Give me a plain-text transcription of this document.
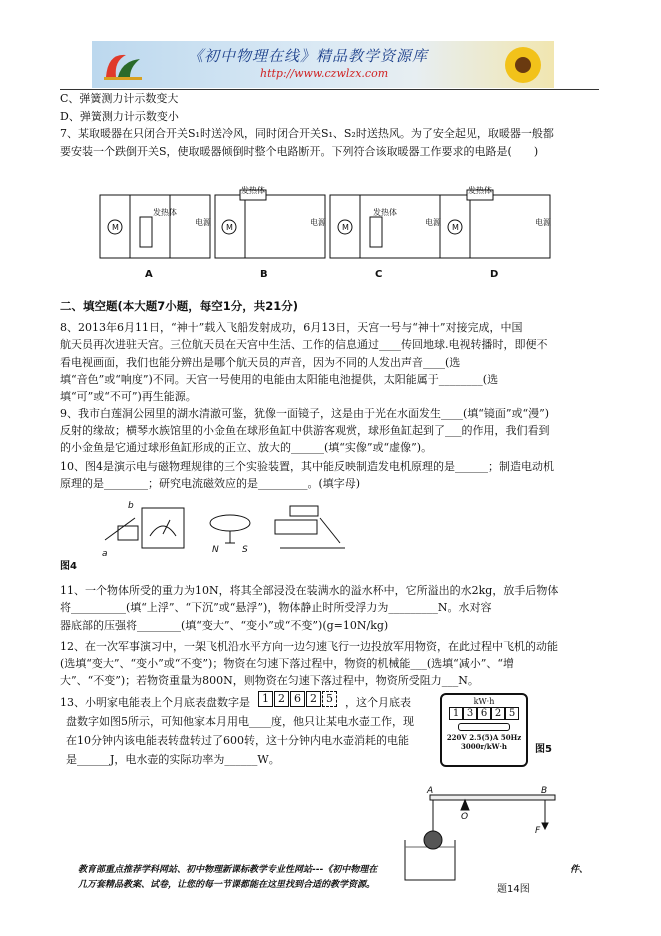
《初中物理在线》精品教学资源库
http://www.czwlzx.com
C、弹簧测力计示数变大
D、弹簧测力计示数变小
7、某取暖器在只闭合开关S₁时送冷风，同时闭合开关S₁、S₂时送热风。为了安全起见，取暖器一般都
要安装一个跌倒开关S，使取暖器倾倒时整个电路断开。下列符合该取暖器工作要求的电路是(　　)
M	M	M	M
发热体
发热体
发热体
发热体
电源	电源	电源	电源
A	B	C	D
二、填空题(本大题7小题，每空1分，共21分)
8、2013年6月11日，“神十”载入飞船发射成功，6月13日，天宫一号与“神十”对接完成，中国
航天员再次进驻天宫。三位航天员在天宫中生活、工作的信息通过____传回地球.电视转播时，即便不
看电视画面，我们也能分辨出是哪个航天员的声音，因为不同的人发出声音____(选
填“音色”或“响度”)不同。天宫一号使用的电能由太阳能电池提供，太阳能属于________(选
填“可”或“不可”)再生能源。
9、我市白莲洞公园里的湖水清澈可鉴，犹像一面镜子，这是由于光在水面发生____(填“镜面”或“漫”)
反射的缘故；横琴水族馆里的小金鱼在球形鱼缸中供游客观赏，球形鱼缸起到了___的作用，我们看到
的小金鱼是它通过球形鱼缸形成的正立、放大的______(填“实像”或“虚像”)。
10、图4是演示电与磁物理规律的三个实验装置，其中能反映制造发电机原理的是______；制造电动机
原理的是________；研究电流磁效应的是_________。(填字母)
a
b
N	S
图4
11、一个物体所受的重力为10N，将其全部浸没在装满水的溢水杯中，它所溢出的水2kg，放手后物体
将__________(填“上浮”、“下沉”或“悬浮”)，物体静止时所受浮力为_________N。水对容
器底部的压强将________(填“变大”、“变小”或“不变”)(g=10N/kg)
12、在一次军事演习中，一架飞机沿水平方向一边匀速飞行一边投放军用物资，在此过程中飞机的动能
(选填“变大”、“变小”或“不变”)；物资在匀速下落过程中，物资的机械能___(选填“减小”、“增
大”、“不变”)；若物资重量为800N，则物资在匀速下落过程中，物资所受阻力___N。
13、小明家电能表上个月底表盘数字是	1 2 6 2 5	，这个月底表
盘数字如图5所示，可知他家本月用电____度，他只让某电水壶工作，现
在10分钟内该电能表转盘转过了600转，这十分钟内电水壶消耗的电能
是______J，电水壶的实际功率为______W。
kW·h
1 3 6 2 5
220V 2.5(5)A 50Hz
3000r/kW·h	图5
A
O
B
F
题14图
教育部重点推荐学科网站、初中物理新课标教学专业性网站---《初中物理在	件、
几万套精品教案、试卷，让您的每一节课都能在这里找到合适的教学资源。
